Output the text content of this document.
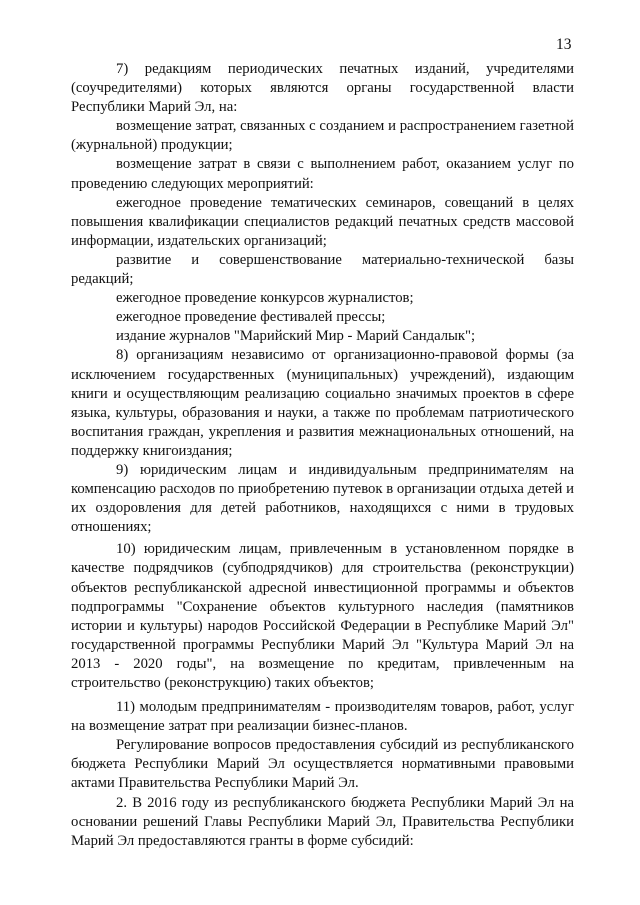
13

7) редакциям периодических печатных изданий, учредителями (соучредителями) которых являются органы государственной власти Республики Марий Эл, на:

возмещение затрат, связанных с созданием и распространением газетной (журнальной) продукции;

возмещение затрат в связи с выполнением работ, оказанием услуг по проведению следующих мероприятий:

ежегодное проведение тематических семинаров, совещаний в целях повышения квалификации специалистов редакций печатных средств массовой информации, издательских организаций;

развитие и совершенствование материально-технической базы редакций;

ежегодное проведение конкурсов журналистов;

ежегодное проведение фестивалей прессы;

издание журналов "Марийский Мир - Марий Сандалык";

8) организациям независимо от организационно-правовой формы (за исключением государственных (муниципальных) учреждений), издающим книги и осуществляющим реализацию социально значимых проектов в сфере языка, культуры, образования и науки, а также по проблемам патриотического воспитания граждан, укрепления и развития межнациональных отношений, на поддержку книгоиздания;

9) юридическим лицам и индивидуальным предпринимателям на компенсацию расходов по приобретению путевок в организации отдыха детей и их оздоровления для детей работников, находящихся с ними в трудовых отношениях;

10) юридическим лицам, привлеченным в установленном порядке в качестве подрядчиков (субподрядчиков) для строительства (реконструкции) объектов республиканской адресной инвестиционной программы и объектов подпрограммы "Сохранение объектов культурного наследия (памятников истории и культуры) народов Российской Федерации в Республике Марий Эл" государственной программы Республики Марий Эл "Культура Марий Эл на 2013 - 2020 годы", на возмещение по кредитам, привлеченным на строительство (реконструкцию) таких объектов;

11) молодым предпринимателям - производителям товаров, работ, услуг на возмещение затрат при реализации бизнес-планов.

Регулирование вопросов предоставления субсидий из республиканского бюджета Республики Марий Эл осуществляется нормативными правовыми актами Правительства Республики Марий Эл.

2. В 2016 году из республиканского бюджета Республики Марий Эл на основании решений Главы Республики Марий Эл, Правительства Республики Марий Эл предоставляются гранты в форме субсидий:
